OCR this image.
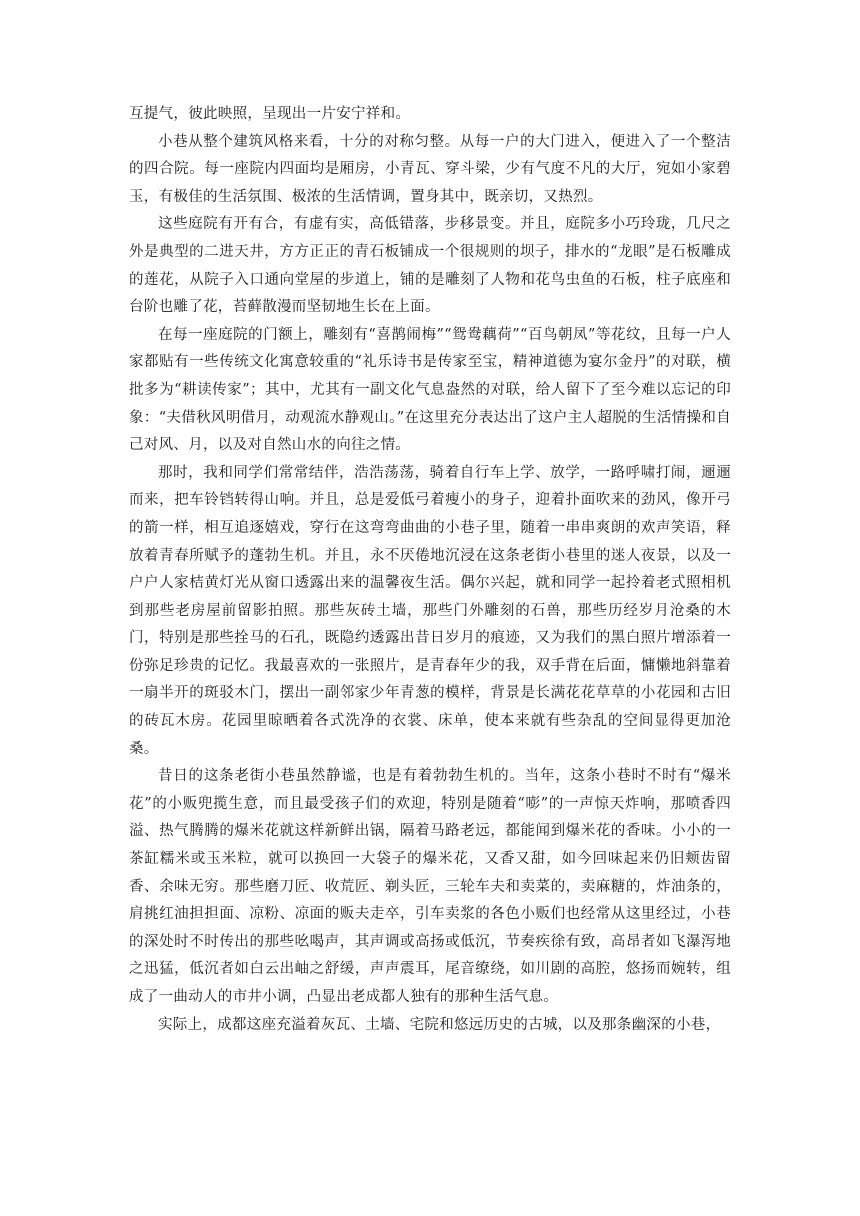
互提气，彼此映照，呈现出一片安宁祥和。

小巷从整个建筑风格来看，十分的对称匀整。从每一户的大门进入，便进入了一个整洁的四合院。每一座院内四面均是厢房，小青瓦、穿斗梁，少有气度不凡的大厅，宛如小家碧玉，有极佳的生活氛围、极浓的生活情调，置身其中，既亲切，又热烈。

这些庭院有开有合，有虚有实，高低错落，步移景变。并且，庭院多小巧玲珑，几尺之外是典型的二进天井，方方正正的青石板铺成一个很规则的坝子，排水的“龙眼”是石板雕成的莲花，从院子入口通向堂屋的步道上，铺的是雕刻了人物和花鸟虫鱼的石板，柱子底座和台阶也雕了花，苔藓散漫而坚韧地生长在上面。

在每一座庭院的门额上，雕刻有“喜鹊闹梅”“鸳鸯藕荷”“百鸟朝凤”等花纹，且每一户人家都贴有一些传统文化寓意较重的“礼乐诗书是传家至宝，精神道德为宴尔金丹”的对联，横批多为“耕读传家”；其中，尤其有一副文化气息盎然的对联，给人留下了至今难以忘记的印象：“夫借秋风明借月，动观流水静观山。”在这里充分表达出了这户主人超脱的生活情操和自己对风、月，以及对自然山水的向往之情。

那时，我和同学们常常结伴，浩浩荡荡，骑着自行车上学、放学，一路呼啸打闹，逦逦而来，把车铃铛转得山响。并且，总是爱低弓着瘦小的身子，迎着扑面吹来的劲风，像开弓的箭一样，相互追逐嬉戏，穿行在这弯弯曲曲的小巷子里，随着一串串爽朗的欢声笑语，释放着青春所赋予的蓬勃生机。并且，永不厌倦地沉浸在这条老街小巷里的迷人夜景，以及一户户人家桔黄灯光从窗口透露出来的温馨夜生活。偶尔兴起，就和同学一起拎着老式照相机到那些老房屋前留影拍照。那些灰砖土墙，那些门外雕刻的石兽，那些历经岁月沧桑的木门，特别是那些拴马的石孔，既隐约透露出昔日岁月的痕迹，又为我们的黑白照片增添着一份弥足珍贵的记忆。我最喜欢的一张照片，是青春年少的我，双手背在后面，慵懒地斜靠着一扇半开的斑驳木门，摆出一副邻家少年青葱的模样，背景是长满花花草草的小花园和古旧的砖瓦木房。花园里晾晒着各式洗净的衣裳、床单，使本来就有些杂乱的空间显得更加沧桑。

昔日的这条老街小巷虽然静谧，也是有着勃勃生机的。当年，这条小巷时不时有“爆米花”的小贩兜揽生意，而且最受孩子们的欢迎，特别是随着“嘭”的一声惊天炸响，那喷香四溢、热气腾腾的爆米花就这样新鲜出锅，隔着马路老远，都能闻到爆米花的香味。小小的一茶缸糯米或玉米粒，就可以换回一大袋子的爆米花，又香又甜，如今回味起来仍旧颊齿留香、余味无穷。那些磨刀匠、收荒匠、剃头匠，三轮车夫和卖菜的，卖麻糖的，炸油条的，肩挑红油担担面、凉粉、凉面的贩夫走卒，引车卖浆的各色小贩们也经常从这里经过，小巷的深处时不时传出的那些吆喝声，其声调或高扬或低沉，节奏疾徐有致，高昂者如飞瀑泻地之迅猛，低沉者如白云出岫之舒缓，声声震耳，尾音缭绕，如川剧的高腔，悠扬而婉转，组成了一曲动人的市井小调，凸显出老成都人独有的那种生活气息。

实际上，成都这座充溢着灰瓦、土墙、宅院和悠远历史的古城，以及那条幽深的小巷，
